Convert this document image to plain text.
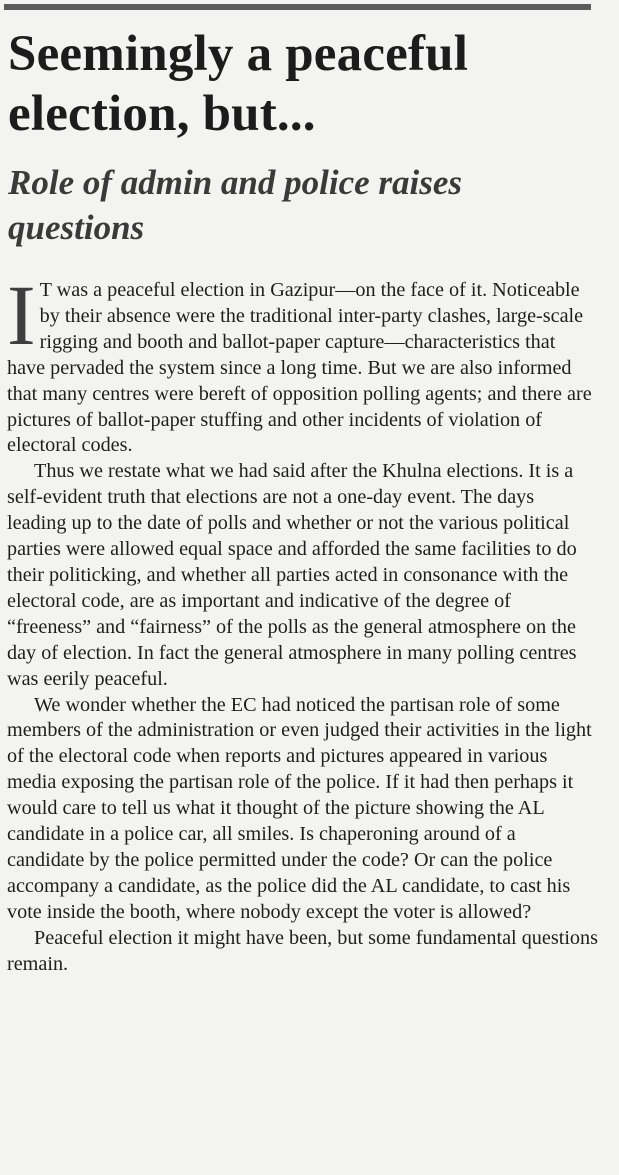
Seemingly a peaceful election, but...
Role of admin and police raises questions

I T was a peaceful election in Gazipur—on the face of it. Noticeable by their absence were the traditional inter-party clashes, large-scale rigging and booth and ballot-paper capture—characteristics that have pervaded the system since a long time. But we are also informed that many centres were bereft of opposition polling agents; and there are pictures of ballot-paper stuffing and other incidents of violation of electoral codes.

Thus we restate what we had said after the Khulna elections. It is a self-evident truth that elections are not a one-day event. The days leading up to the date of polls and whether or not the various political parties were allowed equal space and afforded the same facilities to do their politicking, and whether all parties acted in consonance with the electoral code, are as important and indicative of the degree of “freeness” and “fairness” of the polls as the general atmosphere on the day of election. In fact the general atmosphere in many polling centres was eerily peaceful.

We wonder whether the EC had noticed the partisan role of some members of the administration or even judged their activities in the light of the electoral code when reports and pictures appeared in various media exposing the partisan role of the police. If it had then perhaps it would care to tell us what it thought of the picture showing the AL candidate in a police car, all smiles. Is chaperoning around of a candidate by the police permitted under the code? Or can the police accompany a candidate, as the police did the AL candidate, to cast his vote inside the booth, where nobody except the voter is allowed?

Peaceful election it might have been, but some fundamental questions remain.
